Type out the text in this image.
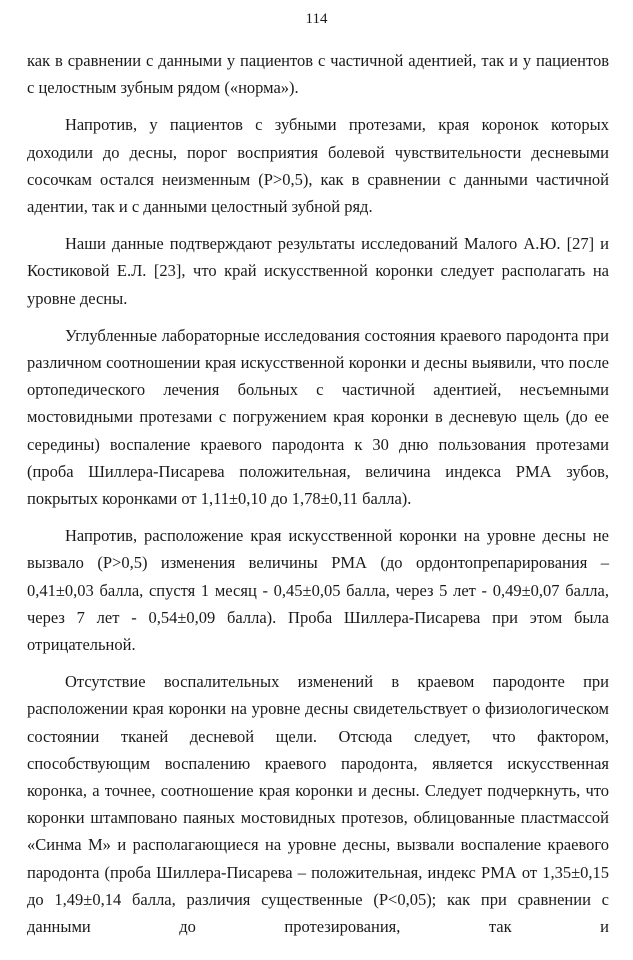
114

как в сравнении с данными у пациентов с частичной адентией, так и у пациентов с целостным зубным рядом («норма»).

Напротив, у пациентов с зубными протезами, края коронок которых доходили до десны, порог восприятия болевой чувствительности десневыми сосочкам остался неизменным (Р>0,5), как в сравнении с данными частичной адентии, так и с данными целостный зубной ряд.

Наши данные подтверждают результаты исследований Малого А.Ю. [27] и Костиковой Е.Л. [23], что край искусственной коронки следует располагать на уровне десны.

Углубленные лабораторные исследования состояния краевого пародонта при различном соотношении края искусственной коронки и десны выявили, что после ортопедического лечения больных с частичной адентией, несъемными мостовидными протезами с погружением края коронки в десневую щель (до ее середины) воспаление краевого пародонта к 30 дню пользования протезами (проба Шиллера-Писарева положительная, величина индекса РМА зубов, покрытых коронками от 1,11±0,10 до 1,78±0,11 балла).

Напротив, расположение края искусственной коронки на уровне десны не вызвало (Р>0,5) изменения величины РМА (до ордонтопрепарирования – 0,41±0,03 балла, спустя 1 месяц - 0,45±0,05 балла, через 5 лет - 0,49±0,07 балла, через 7 лет - 0,54±0,09 балла). Проба Шиллера-Писарева при этом была отрицательной.

Отсутствие воспалительных изменений в краевом пародонте при расположении края коронки на уровне десны свидетельствует о физиологическом состоянии тканей десневой щели. Отсюда следует, что фактором, способствующим воспалению краевого пародонта, является искусственная коронка, а точнее, соотношение края коронки и десны. Следует подчеркнуть, что коронки штамповано паяных мостовидных протезов, облицованные пластмассой «Синма М» и располагающиеся на уровне десны, вызвали воспаление краевого пародонта (проба Шиллера-Писарева – положительная, индекс РМА от 1,35±0,15 до 1,49±0,14 балла, различия существенные (Р<0,05); как при сравнении с данными до протезирования, так и
